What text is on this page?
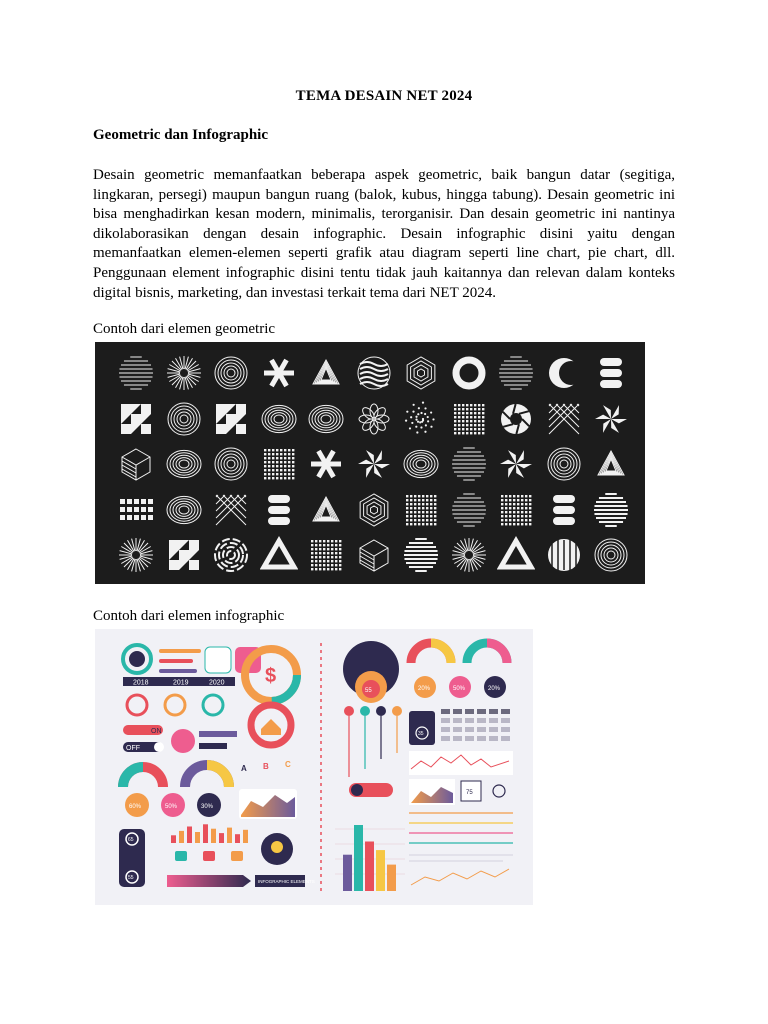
TEMA DESAIN NET 2024
Geometric dan Infographic
Desain geometric memanfaatkan beberapa aspek geometric, baik bangun datar (segitiga, lingkaran, persegi) maupun bangun ruang (balok, kubus, hingga tabung). Desain geometric ini bisa menghadirkan kesan modern, minimalis, terorganisir. Dan desain geometric ini nantinya dikolaborasikan dengan desain infographic. Desain infographic disini yaitu dengan memanfaatkan elemen-elemen seperti grafik atau diagram seperti line chart, pie chart, dll. Penggunaan element infographic disini tentu tidak jauh kaitannya dan relevan dalam konteks digital bisnis, marketing, dan investasi terkait tema dari NET 2024.
Contoh dari elemen geometric
Contoh dari elemen infographic
2018	2019	2020
ON
OFF
$
60%	50%	30%
A B C
65
55
INFOGRAPHIC ELEMENTS
55	20%	50%	20%
35
75
